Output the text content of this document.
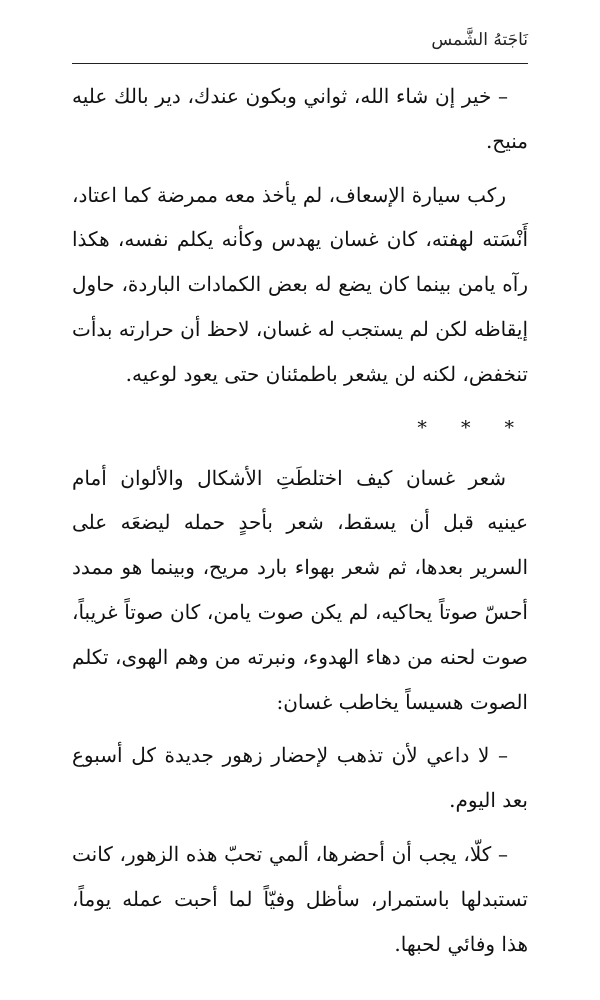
نَاجَتهُ الشَّمس

– خير إن شاء الله، ثواني وبكون عندك، دير بالك عليه منيح.

ركب سيارة الإسعاف، لم يأخذ معه ممرضة كما اعتاد، أَنْسَته لهفته، كان غسان يهدس وكأنه يكلم نفسه، هكذا رآه يامن بينما كان يضع له بعض الكمادات الباردة، حاول إيقاظه لكن لم يستجب له غسان، لاحظ أن حرارته بدأت تنخفض، لكنه لن يشعر باطمئنان حتى يعود لوعيه.

* * *

شعر غسان كيف اختلطَتِ الأشكال والألوان أمام عينيه قبل أن يسقط، شعر بأحدٍ حمله ليضعَه على السرير بعدها، ثم شعر بهواء بارد مريح، وبينما هو ممدد أحسّ صوتاً يحاكيه، لم يكن صوت يامن، كان صوتاً غريباً، صوت لحنه من دهاء الهدوء، ونبرته من وهم الهوى، تكلم الصوت هسيساً يخاطب غسان:

– لا داعي لأن تذهب لإحضار زهور جديدة كل أسبوع بعد اليوم.

– كلّا، يجب أن أحضرها، ألمي تحبّ هذه الزهور، كانت تستبدلها باستمرار، سأظل وفيّاً لما أحبت عمله يوماً، هذا وفائي لحبها.
